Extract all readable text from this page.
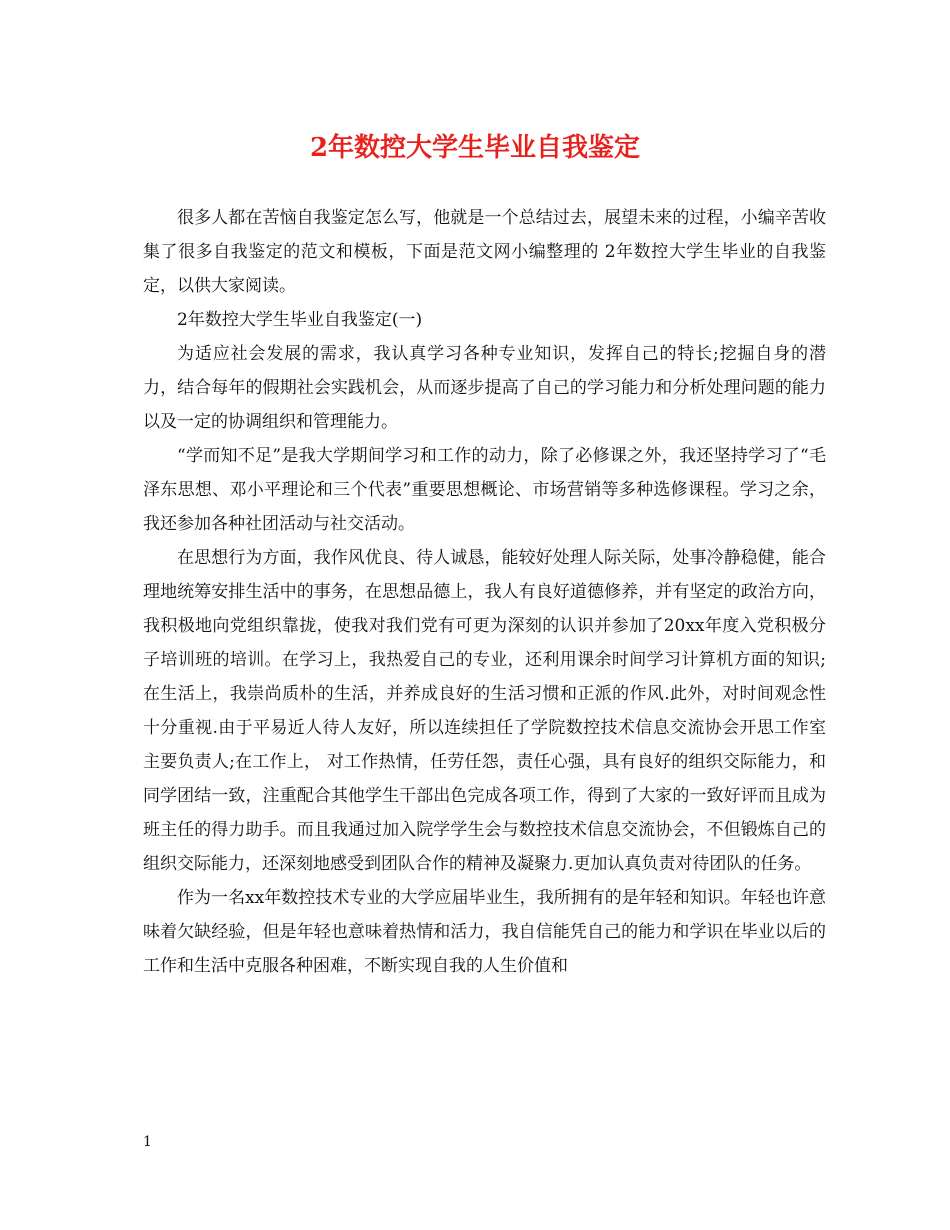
2年数控大学生毕业自我鉴定

很多人都在苦恼自我鉴定怎么写，他就是一个总结过去，展望未来的过程，小编辛苦收集了很多自我鉴定的范文和模板，下面是范文网小编整理的 2年数控大学生毕业的自我鉴定，以供大家阅读。

2年数控大学生毕业自我鉴定(一)

为适应社会发展的需求，我认真学习各种专业知识，发挥自己的特长;挖掘自身的潜力，结合每年的假期社会实践机会，从而逐步提高了自己的学习能力和分析处理问题的能力以及一定的协调组织和管理能力。

“学而知不足”是我大学期间学习和工作的动力，除了必修课之外，我还坚持学习了“毛泽东思想、邓小平理论和三个代表”重要思想概论、市场营销等多种选修课程。学习之余，我还参加各种社团活动与社交活动。

在思想行为方面，我作风优良、待人诚恳，能较好处理人际关际，处事冷静稳健，能合理地统筹安排生活中的事务，在思想品德上，我人有良好道德修养，并有坚定的政治方向，我积极地向党组织靠拢，使我对我们党有可更为深刻的认识并参加了20xx年度入党积极分子培训班的培训。在学习上，我热爱自己的专业，还利用课余时间学习计算机方面的知识;在生活上，我崇尚质朴的生活，并养成良好的生活习惯和正派的作风.此外，对时间观念性十分重视.由于平易近人待人友好，所以连续担任了学院数控技术信息交流协会开思工作室主要负责人;在工作上， 对工作热情，任劳任怨，责任心强，具有良好的组织交际能力，和同学团结一致，注重配合其他学生干部出色完成各项工作，得到了大家的一致好评而且成为班主任的得力助手。而且我通过加入院学学生会与数控技术信息交流协会，不但锻炼自己的组织交际能力，还深刻地感受到团队合作的精神及凝聚力.更加认真负责对待团队的任务。

作为一名xx年数控技术专业的大学应届毕业生，我所拥有的是年轻和知识。年轻也许意味着欠缺经验，但是年轻也意味着热情和活力，我自信能凭自己的能力和学识在毕业以后的工作和生活中克服各种困难，不断实现自我的人生价值和

1
